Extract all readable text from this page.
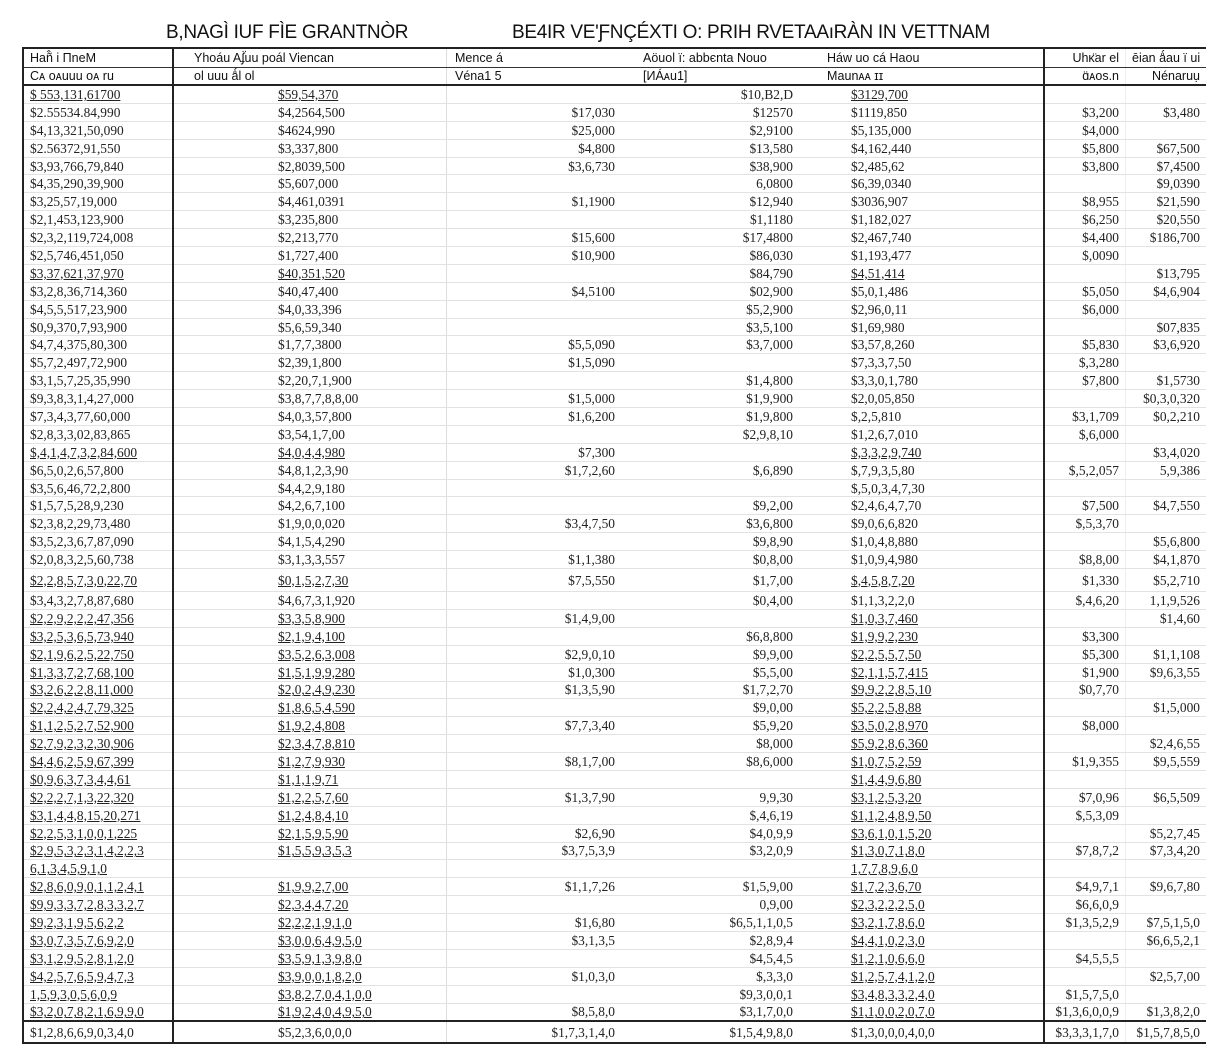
B,NAGÌ IUF FÌE GRANTNÒR	BE4IR VE'ƑNÇÉXTI O: PRIH RVETAAıRÀN IN VETTNAM
Hаñ̂ i ΠneМ	Yhoáu Aʄ̈uu poál Viencan	Mence á	Aöuol ï: abbєnta Nouo	Háw uo cá Haou	Uhκ̈ar el	ēian ǻau ï ui
Сᴀ oᴀuuu oᴀ ru	ol uuu ǻl ol	Véna1 5	[ИÁᴀu1]	Маunᴀᴀ ɪɪ	ɑ̈ᴀos.n	Nénaruụ
$ 553,131,61700	$59,54,370		$10,B2,D	$3129,700		
$2.55534.84,990	$4,2564,500	$17,030	$12570	$1119,850	$3,200	$3,480
$4,13,321,50,090	$4624,990	$25,000	$2,9100	$5,135,000	$4,000	
$2.56372,91,550	$3,337,800	$4,800	$13,580	$4,162,440	$5,800	$67,500
$3,93,766,79,840	$2,8039,500	$3,6,730	$38,900	$2,485,62	$3,800	$7,4500
$4,35,290,39,900	$5,607,000		6,0800	$6,39,0340		$9,0390
$3,25,57,19,000	$4,461,0391	$1,1900	$12,940	$3036,907	$8,955	$21,590
$2,1,453,123,900	$3,235,800		$1,1180	$1,182,027	$6,250	$20,550
$2,3,2,119,724,008	$2,213,770	$15,600	$17,4800	$2,467,740	$4,400	$186,700
$2,5,746,451,050	$1,727,400	$10,900	$86,030	$1,193,477	$,0090	
$3,37,621,37,970	$40,351,520		$84,790	$4,51,414		$13,795
$3,2,8,36,714,360	$40,47,400	$4,5100	$02,900	$5,0,1,486	$5,050	$4,6,904
$4,5,5,517,23,900	$4,0,33,396		$5,2,900	$2,96,0,11	$6,000	
$0,9,370,7,93,900	$5,6,59,340		$3,5,100	$1,69,980		$07,835
$4,7,4,375,80,300	$1,7,7,3800	$5,5,090	$3,7,000	$3,57,8,260	$5,830	$3,6,920
$5,7,2,497,72,900	$2,39,1,800	$1,5,090		$7,3,3,7,50	$,3,280	
$3,1,5,7,25,35,990	$2,20,7,1,900		$1,4,800	$3,3,0,1,780	$7,800	$1,5730
$9,3,8,3,1,4,27,000	$3,8,7,7,8,8,00	$1,5,000	$1,9,900	$2,0,05,850		$0,3,0,320
$7,3,4,3,77,60,000	$4,0,3,57,800	$1,6,200	$1,9,800	$,2,5,810	$3,1,709	$0,2,210
$2,8,3,3,02,83,865	$3,54,1,7,00		$2,9,8,10	$1,2,6,7,010	$,6,000	
$,4,1,4,7,3,2,84,600	$4,0,4,4,980	$7,300		$,3,3,2,9,740		$3,4,020
$6,5,0,2,6,57,800	$4,8,1,2,3,90	$1,7,2,60	$,6,890	$,7,9,3,5,80	$,5,2,057	5,9,386
$3,5,6,46,72,2,800	$4,4,2,9,180			$,5,0,3,4,7,30		
$1,5,7,5,28,9,230	$4,2,6,7,100		$9,2,00	$2,4,6,4,7,70	$7,500	$4,7,550
$2,3,8,2,29,73,480	$1,9,0,0,020	$3,4,7,50	$3,6,800	$9,0,6,6,820	$,5,3,70	
$3,5,2,3,6,7,87,090	$4,1,5,4,290		$9,8,90	$1,0,4,8,880		$5,6,800
$2,0,8,3,2,5,60,738	$3,1,3,3,557	$1,1,380	$0,8,00	$1,0,9,4,980	$8,8,00	$4,1,870
$2,2,8,5,7,3,0,22,70	$0,1,5,2,7,30	$7,5,550	$1,7,00	$,4,5,8,7,20	$1,330	$5,2,710
$3,4,3,2,7,8,87,680	$4,6,7,3,1,920		$0,4,00	$1,1,3,2,2,0	$,4,6,20	1,1,9,526
$2,2,9,2,2,2,47,356	$3,3,5,8,900	$1,4,9,00		$1,0,3,7,460		$1,4,60
$3,2,5,3,6,5,73,940	$2,1,9,4,100		$6,8,800	$1,9,9,2,230	$3,300	
$2,1,9,6,2,5,22,750	$3,5,2,6,3,008	$2,9,0,10	$9,9,00	$2,2,5,5,7,50	$5,300	$1,1,108
$1,3,3,7,2,7,68,100	$1,5,1,9,9,280	$1,0,300	$5,5,00	$2,1,1,5,7,415	$1,900	$9,6,3,55
$3,2,6,2,2,8,11,000	$2,0,2,4,9,230	$1,3,5,90	$1,7,2,70	$9,9,2,2,8,5,10	$0,7,70	
$2,2,4,2,4,7,79,325	$1,8,6,5,4,590		$9,0,00	$5,2,2,5,8,88		$1,5,000
$1,1,2,5,2,7,52,900	$1,9,2,4,808	$7,7,3,40	$5,9,20	$3,5,0,2,8,970	$8,000	
$2,7,9,2,3,2,30,906	$2,3,4,7,8,810		$8,000	$5,9,2,8,6,360		$2,4,6,55
$4,4,6,2,5,9,67,399	$1,2,7,9,930	$8,1,7,00	$8,6,000	$1,0,7,5,2,59	$1,9,355	$9,5,559
$0,9,6,3,7,3,4,4,61	$1,1,1,9,71			$1,4,4,9,6,80		
$2,2,2,7,1,3,22,320	$1,2,2,5,7,60	$1,3,7,90	9,9,30	$3,1,2,5,3,20	$7,0,96	$6,5,509
$3,1,4,4,8,15,20,271	$1,2,4,8,4,10		$,4,6,19	$1,1,2,4,8,9,50	$,5,3,09	
$2,2,5,3,1,0,0,1,225	$2,1,5,9,5,90	$2,6,90	$4,0,9,9	$3,6,1,0,1,5,20		$5,2,7,45
$2,9,5,3,2,3,1,4,2,2,3	$1,5,5,9,3,5,3	$3,7,5,3,9	$3,2,0,9	$1,3,0,7,1,8,0	$7,8,7,2	$7,3,4,20
6,1,3,4,5,9,1,0				1,7,7,8,9,6,0		
$2,8,6,0,9,0,1,1,2,4,1	$1,9,9,2,7,00	$1,1,7,26	$1,5,9,00	$1,7,2,3,6,70	$4,9,7,1	$9,6,7,80
$9,9,3,3,7,2,8,3,3,2,7	$2,3,4,4,7,20		0,9,00	$2,3,2,2,2,5,0	$6,6,0,9	
$9,2,3,1,9,5,6,2,2	$2,2,2,1,9,1,0	$1,6,80	$6,5,1,1,0,5	$3,2,1,7,8,6,0	$1,3,5,2,9	$7,5,1,5,0
$3,0,7,3,5,7,6,9,2,0	$3,0,0,6,4,9,5,0	$3,1,3,5	$2,8,9,4	$4,4,1,0,2,3,0		$6,6,5,2,1
$3,1,2,9,5,2,8,1,2,0	$3,5,9,1,3,9,8,0		$4,5,4,5	$1,2,1,0,6,6,0	$4,5,5,5	
$4,2,5,7,6,5,9,4,7,3	$3,9,0,0,1,8,2,0	$1,0,3,0	$,3,3,0	$1,2,5,7,4,1,2,0		$2,5,7,00
1,5,9,3,0,5,6,0,9	$3,8,2,7,0,4,1,0,0		$9,3,0,0,1	$3,4,8,3,3,2,4,0	$1,5,7,5,0	
$3,2,0,7,8,2,1,6,9,9,0	$1,9,2,4,0,4,9,5,0	$8,5,8,0	$3,1,7,0,0	$1,1,0,0,2,0,7,0	$1,3,6,0,0,9	$1,3,8,2,0
$1,2,8,6,6,9,0,3,4,0	$5,2,3,6,0,0,0	$1,7,3,1,4,0	$1,5,4,9,8,0	$1,3,0,0,0,4,0,0	$3,3,3,1,7,0	$1,5,7,8,5,0
